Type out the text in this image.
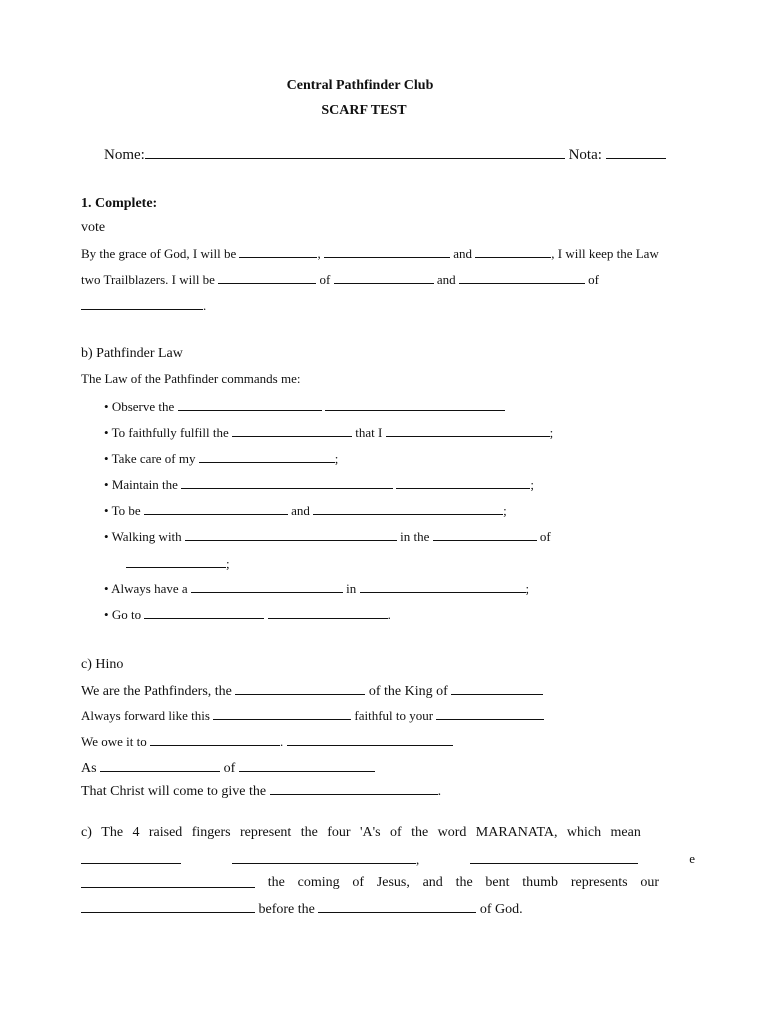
Central Pathfinder Club
SCARF TEST
Nome:	Nota:
1. Complete:
vote
By the grace of God, I will be	,	and	, I will keep the Law
two Trailblazers. I will be	of	and	of
.
b) Pathfinder Law
The Law of the Pathfinder commands me:
• Observe the
• To faithfully fulfill the	that I	;
• Take care of my	;
• Maintain the	;
• To be	and	;
• Walking with	in the	of
;
• Always have a	in	;
• Go to	.
c) Hino
We are the Pathfinders, the	of the King of
Always forward like this	faithful to your
We owe it to	.
As	of
That Christ will come to give the	.
c) The 4 raised fingers represent the four 'A's of the word MARANATA, which mean
,	e
the coming of Jesus, and the bent thumb represents our
before the	of God.
